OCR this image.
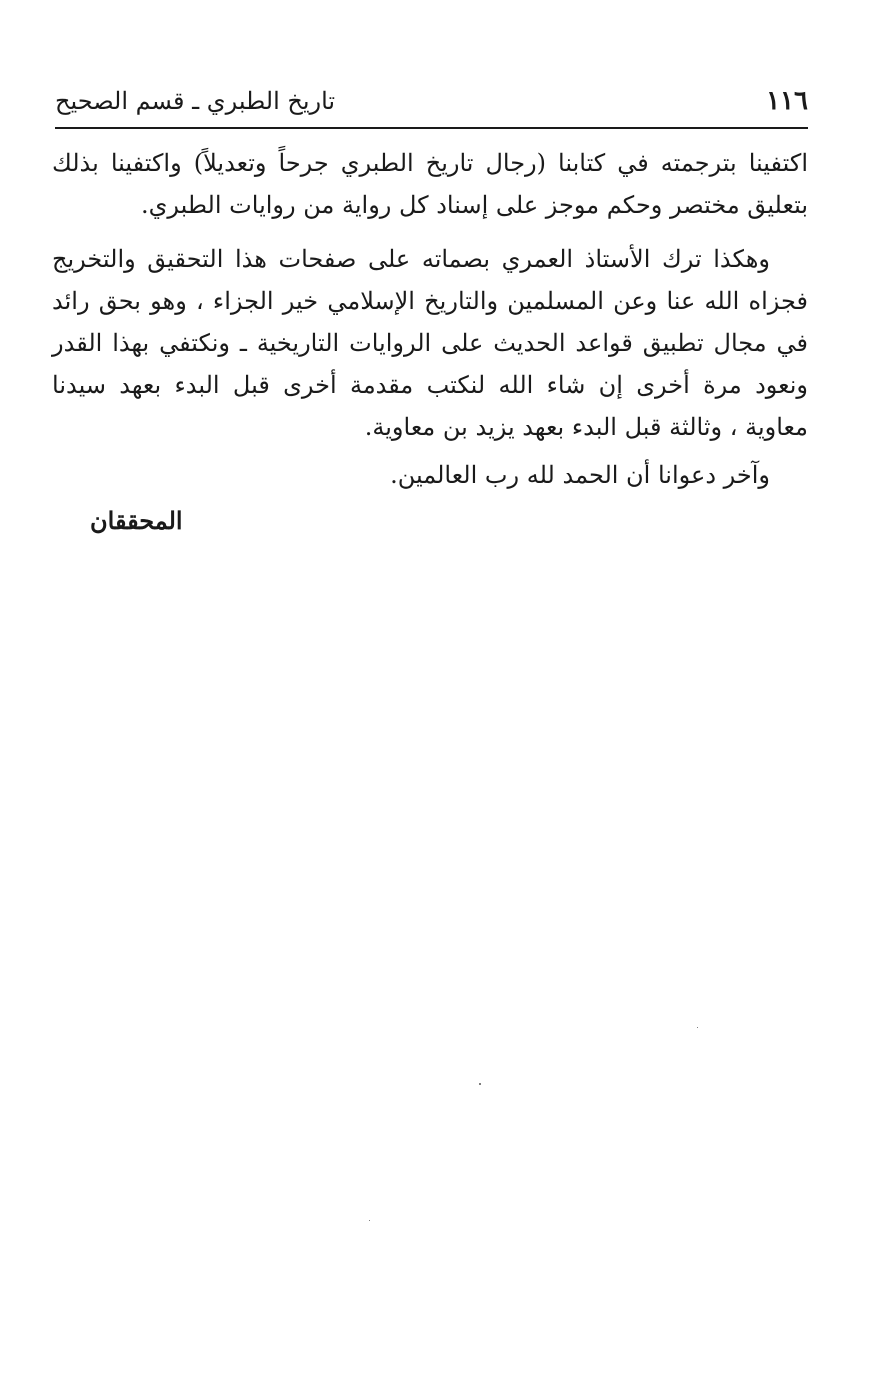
١١٦
تاريخ الطبري ـ قسم الصحيح

اكتفينا بترجمته في كتابنا (رجال تاريخ الطبري جرحاً وتعديلاً) واكتفينا بذلك بتعليق مختصر وحكم موجز على إسناد كل رواية من روايات الطبري.

وهكذا ترك الأستاذ العمري بصماته على صفحات هذا التحقيق والتخريج فجزاه الله عنا وعن المسلمين والتاريخ الإسلامي خير الجزاء ، وهو بحق رائد في مجال تطبيق قواعد الحديث على الروايات التاريخية ـ ونكتفي بهذا القدر ونعود مرة أخرى إن شاء الله لنكتب مقدمة أخرى قبل البدء بعهد سيدنا معاوية ، وثالثة قبل البدء بعهد يزيد بن معاوية.

وآخر دعوانا أن الحمد لله رب العالمين.

المحققان
